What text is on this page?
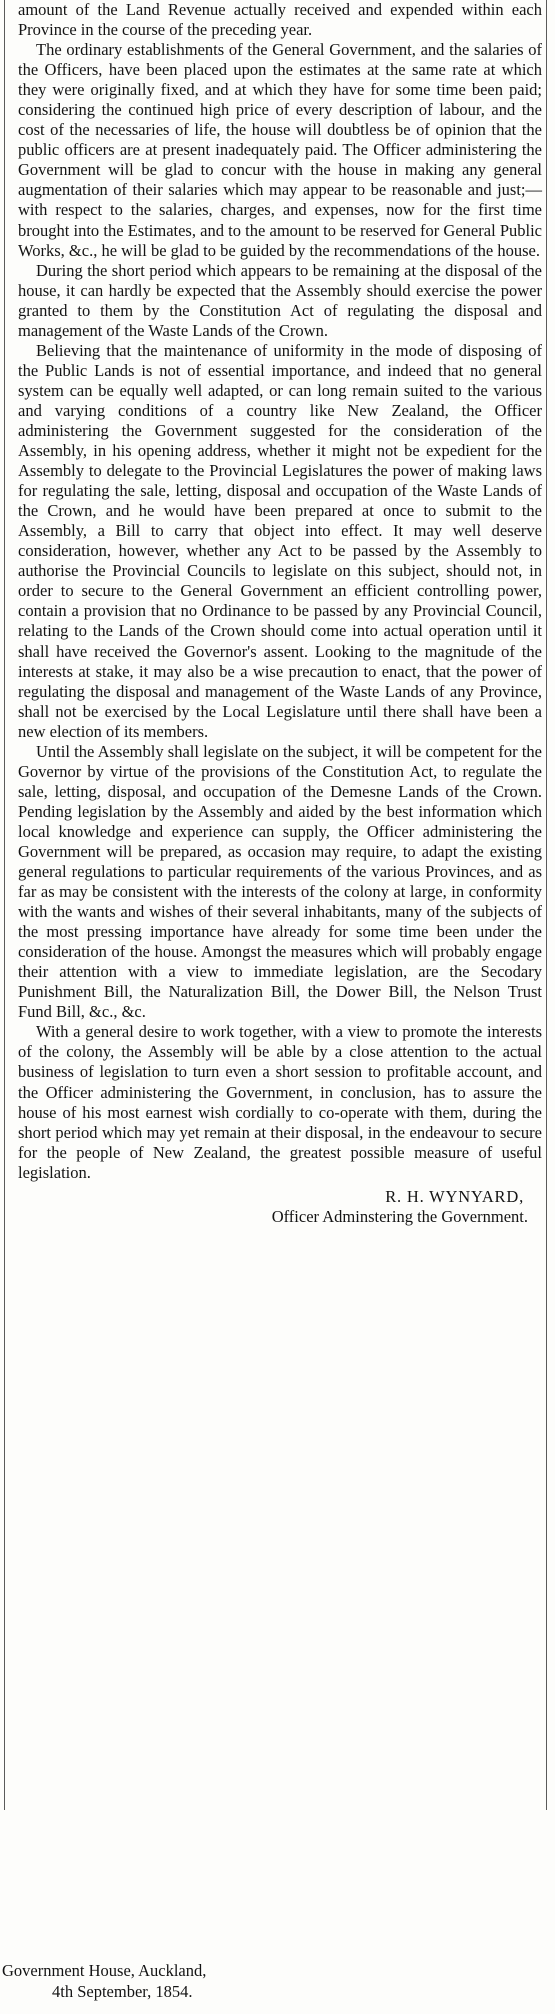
amount of the Land Revenue actually received and expended within each Province in the course of the preceding year.

The ordinary establishments of the General Government, and the salaries of the Officers, have been placed upon the estimates at the same rate at which they were originally fixed, and at which they have for some time been paid; considering the continued high price of every description of labour, and the cost of the necessaries of life, the house will doubtless be of opinion that the public officers are at present inadequately paid. The Officer administering the Government will be glad to concur with the house in making any general augmentation of their salaries which may appear to be reasonable and just;—with respect to the salaries, charges, and expenses, now for the first time brought into the Estimates, and to the amount to be reserved for General Public Works, &c., he will be glad to be guided by the recommendations of the house.

During the short period which appears to be remaining at the disposal of the house, it can hardly be expected that the Assembly should exercise the power granted to them by the Constitution Act of regulating the disposal and management of the Waste Lands of the Crown.

Believing that the maintenance of uniformity in the mode of disposing of the Public Lands is not of essential importance, and indeed that no general system can be equally well adapted, or can long remain suited to the various and varying conditions of a country like New Zealand, the Officer administering the Government suggested for the consideration of the Assembly, in his opening address, whether it might not be expedient for the Assembly to delegate to the Provincial Legislatures the power of making laws for regulating the sale, letting, disposal and occupation of the Waste Lands of the Crown, and he would have been prepared at once to submit to the Assembly, a Bill to carry that object into effect. It may well deserve consideration, however, whether any Act to be passed by the Assembly to authorise the Provincial Councils to legislate on this subject, should not, in order to secure to the General Government an efficient controlling power, contain a provision that no Ordinance to be passed by any Provincial Council, relating to the Lands of the Crown should come into actual operation until it shall have received the Governor's assent. Looking to the magnitude of the interests at stake, it may also be a wise precaution to enact, that the power of regulating the disposal and management of the Waste Lands of any Province, shall not be exercised by the Local Legislature until there shall have been a new election of its members.

Until the Assembly shall legislate on the subject, it will be competent for the Governor by virtue of the provisions of the Constitution Act, to regulate the sale, letting, disposal, and occupation of the Demesne Lands of the Crown. Pending legislation by the Assembly and aided by the best information which local knowledge and experience can supply, the Officer administering the Government will be prepared, as occasion may require, to adapt the existing general regulations to particular requirements of the various Provinces, and as far as may be consistent with the interests of the colony at large, in conformity with the wants and wishes of their several inhabitants, many of the subjects of the most pressing importance have already for some time been under the consideration of the house. Amongst the measures which will probably engage their attention with a view to immediate legislation, are the Secodary Punishment Bill, the Naturalization Bill, the Dower Bill, the Nelson Trust Fund Bill, &c., &c.

With a general desire to work together, with a view to promote the interests of the colony, the Assembly will be able by a close attention to the actual business of legislation to turn even a short session to profitable account, and the Officer administering the Government, in conclusion, has to assure the house of his most earnest wish cordially to co-operate with them, during the short period which may yet remain at their disposal, in the endeavour to secure for the people of New Zealand, the greatest possible measure of useful legislation.

R. H. WYNYARD,
Officer Adminstering the Government.
Government House, Auckland,
4th September, 1854.
